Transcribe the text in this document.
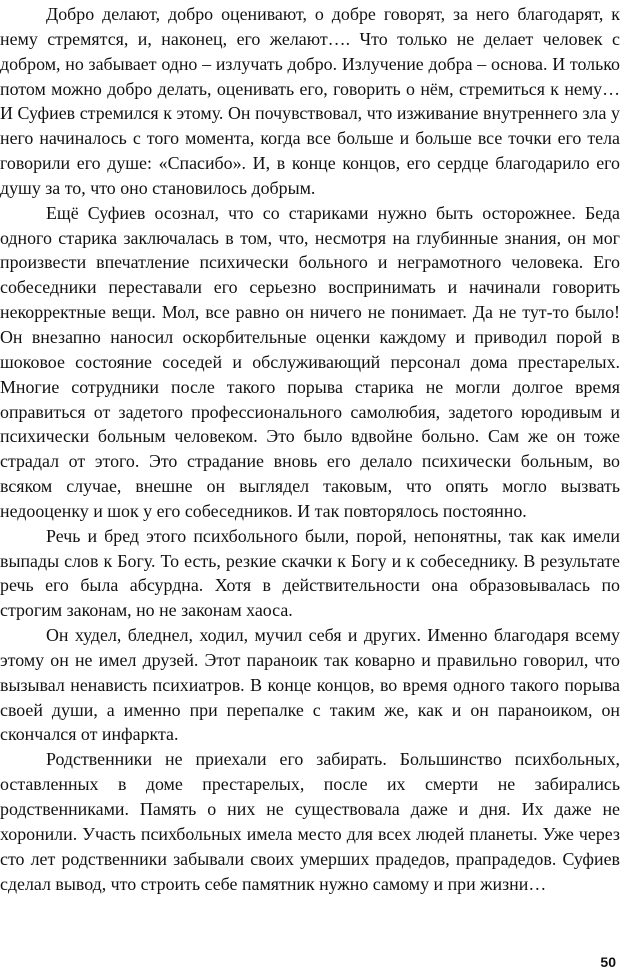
Добро делают, добро оценивают, о добре говорят, за него благодарят, к нему стремятся, и, наконец, его желают…. Что только не делает человек с добром, но забывает одно – излучать добро. Излучение добра – основа. И только потом можно добро делать, оценивать его, говорить о нём, стремиться к нему… И Суфиев стремился к этому. Он почувствовал, что изживание внутреннего зла у него начиналось с того момента, когда все больше и больше все точки его тела говорили его душе: «Спасибо». И, в конце концов, его сердце благодарило его душу за то, что оно становилось добрым.

Ещё Суфиев осознал, что со стариками нужно быть осторожнее. Беда одного старика заключалась в том, что, несмотря на глубинные знания, он мог произвести впечатление психически больного и неграмотного человека. Его собеседники переставали его серьезно воспринимать и начинали говорить некорректные вещи. Мол, все равно он ничего не понимает. Да не тут-то было! Он внезапно наносил оскорбительные оценки каждому и приводил порой в шоковое состояние соседей и обслуживающий персонал дома престарелых. Многие сотрудники после такого порыва старика не могли долгое время оправиться от задетого профессионального самолюбия, задетого юродивым и психически больным человеком. Это было вдвойне больно. Сам же он тоже страдал от этого. Это страдание вновь его делало психически больным, во всяком случае, внешне он выглядел таковым, что опять могло вызвать недооценку и шок у его собеседников. И так повторялось постоянно.

Речь и бред этого психбольного были, порой, непонятны, так как имели выпады слов к Богу. То есть, резкие скачки к Богу и к собеседнику. В результате речь его была абсурдна. Хотя в действительности она образовывалась по строгим законам, но не законам хаоса.

Он худел, бледнел, ходил, мучил себя и других. Именно благодаря всему этому он не имел друзей. Этот параноик так коварно и правильно говорил, что вызывал ненависть психиатров. В конце концов, во время одного такого порыва своей души, а именно при перепалке с таким же, как и он параноиком, он скончался от инфаркта.

Родственники не приехали его забирать. Большинство психбольных, оставленных в доме престарелых, после их смерти не забирались родственниками. Память о них не существовала даже и дня. Их даже не хоронили. Участь психбольных имела место для всех людей планеты. Уже через сто лет родственники забывали своих умерших прадедов, прапрадедов. Суфиев сделал вывод, что строить себе памятник нужно самому и при жизни…

50
